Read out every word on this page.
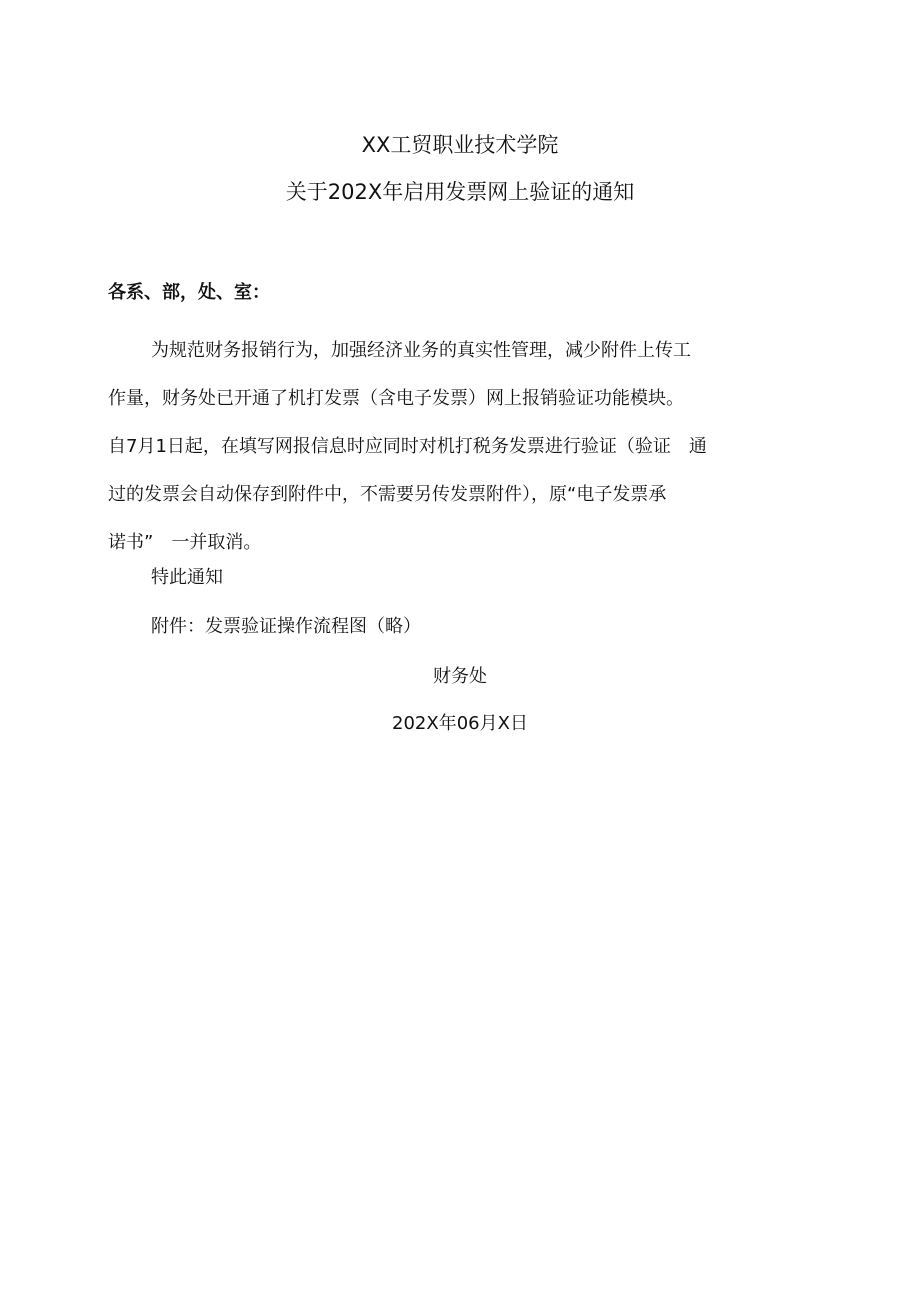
XX工贸职业技术学院

关于202X年启用发票网上验证的通知

各系、部，处、室：
为规范财务报销行为，加强经济业务的真实性管理，减少附件上传工
作量，财务处已开通了机打发票（含电子发票）网上报销验证功能模块。
自7月1日起，在填写网报信息时应同时对机打税务发票进行验证（验证　通
过的发票会自动保存到附件中，不需要另传发票附件），原“电子发票承
诺书”　一并取消。
特此通知
附件：发票验证操作流程图（略）
财务处
202X年06月X日
